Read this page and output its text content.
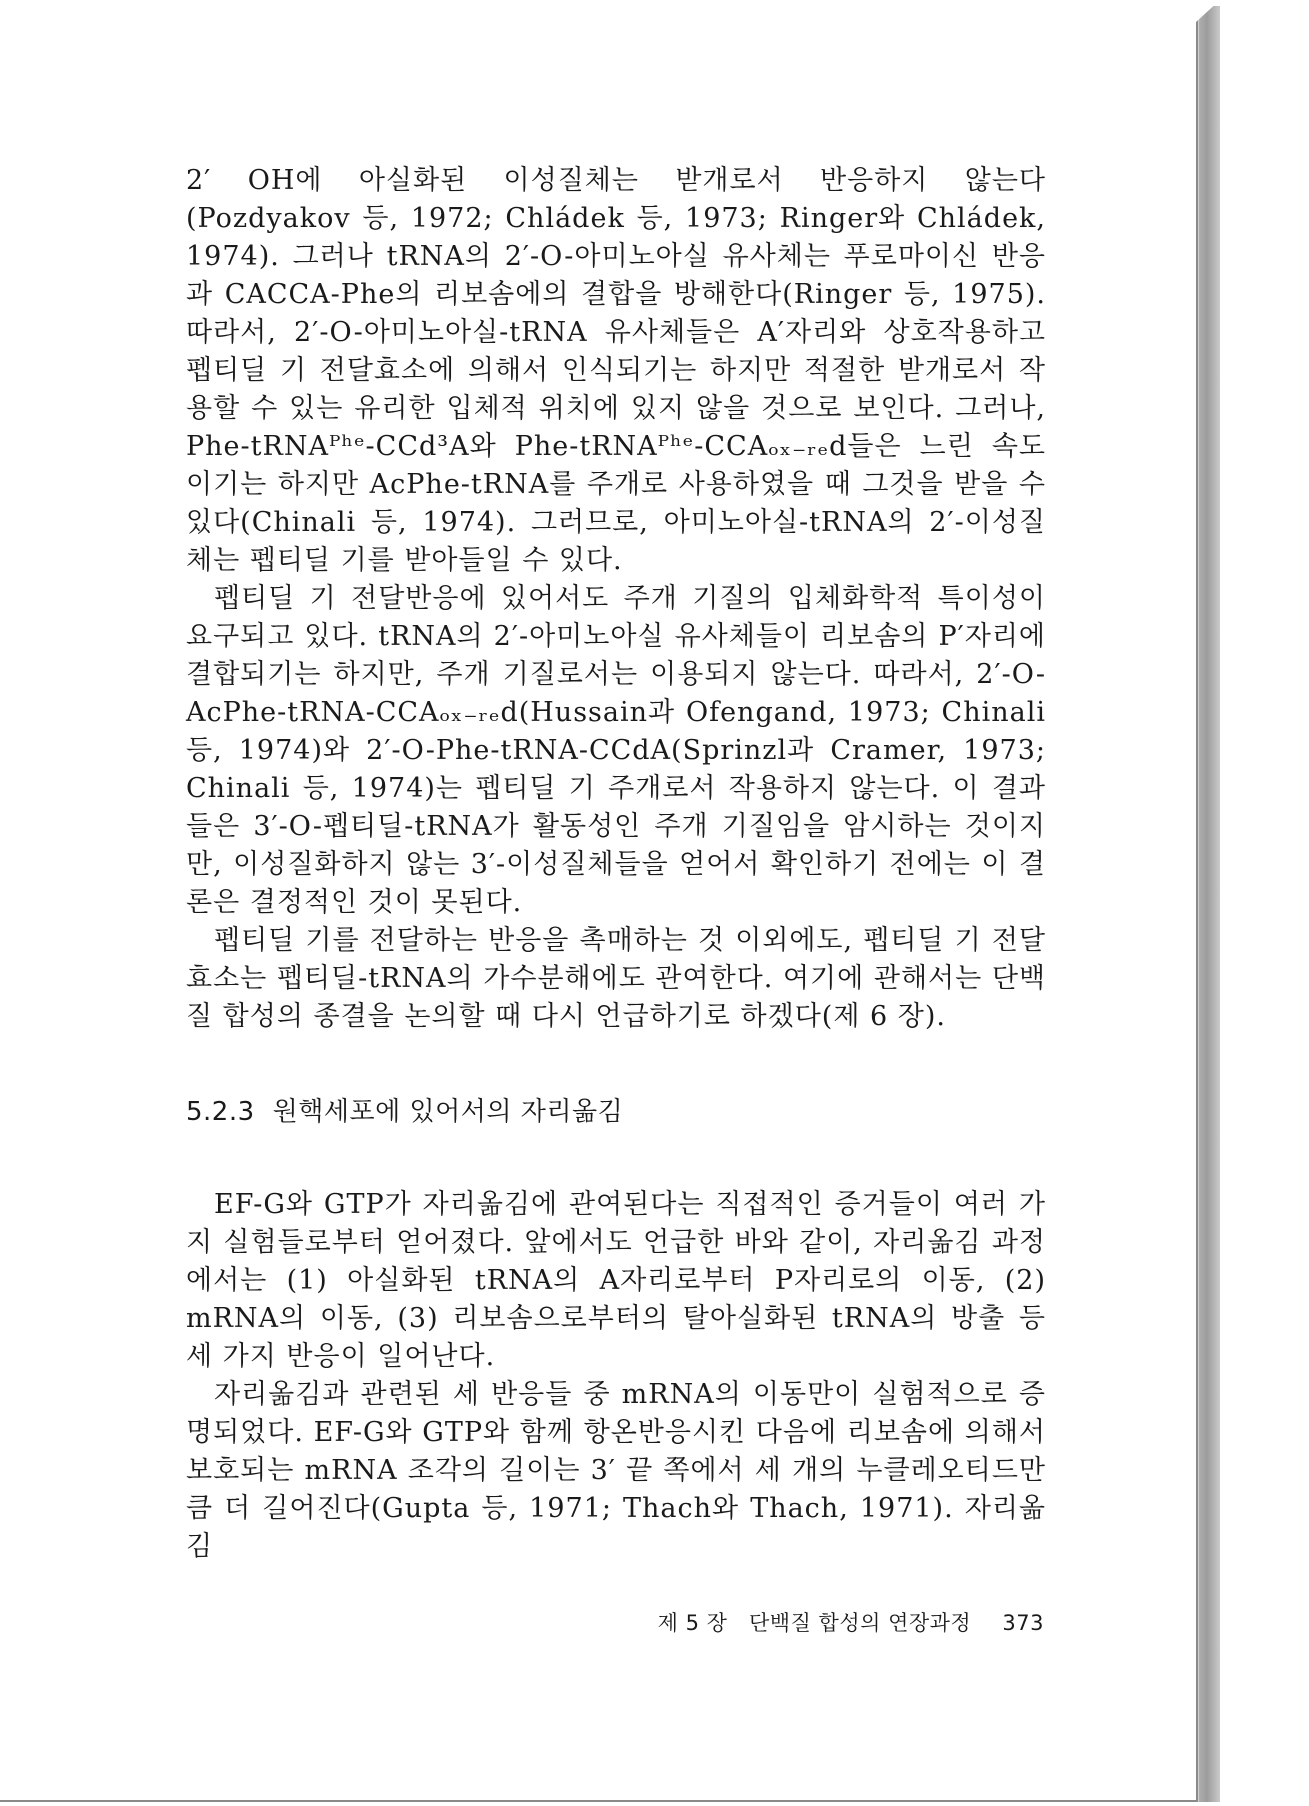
2′ OH에 아실화된 이성질체는 받개로서 반응하지 않는다(Pozdyakov 등, 1972; Chládek 등, 1973; Ringer와 Chládek, 1974). 그러나 tRNA의 2′-O-아미노아실 유사체는 푸로마이신 반응과 CACCA-Phe의 리보솜에의 결합을 방해한다(Ringer 등, 1975). 따라서, 2′-O-아미노아실-tRNA 유사체들은 A′자리와 상호작용하고 펩티딜 기 전달효소에 의해서 인식되기는 하지만 적절한 받개로서 작용할 수 있는 유리한 입체적 위치에 있지 않을 것으로 보인다. 그러나, Phe-tRNAᴾʰᵉ-CCd³A와 Phe-tRNAᴾʰᵉ-CCAₒₓ₋ᵣₑd들은 느린 속도이기는 하지만 AcPhe-tRNA를 주개로 사용하였을 때 그것을 받을 수 있다(Chinali 등, 1974). 그러므로, 아미노아실-tRNA의 2′-이성질체는 펩티딜 기를 받아들일 수 있다.

펩티딜 기 전달반응에 있어서도 주개 기질의 입체화학적 특이성이 요구되고 있다. tRNA의 2′-아미노아실 유사체들이 리보솜의 P′자리에 결합되기는 하지만, 주개 기질로서는 이용되지 않는다. 따라서, 2′-O-AcPhe-tRNA-CCAₒₓ₋ᵣₑd(Hussain과 Ofengand, 1973; Chinali 등, 1974)와 2′-O-Phe-tRNA-CCdA(Sprinzl과 Cramer, 1973; Chinali 등, 1974)는 펩티딜 기 주개로서 작용하지 않는다. 이 결과들은 3′-O-펩티딜-tRNA가 활동성인 주개 기질임을 암시하는 것이지만, 이성질화하지 않는 3′-이성질체들을 얻어서 확인하기 전에는 이 결론은 결정적인 것이 못된다.

펩티딜 기를 전달하는 반응을 촉매하는 것 이외에도, 펩티딜 기 전달효소는 펩티딜-tRNA의 가수분해에도 관여한다. 여기에 관해서는 단백질 합성의 종결을 논의할 때 다시 언급하기로 하겠다(제 6 장).

5.2.3 원핵세포에 있어서의 자리옮김

EF-G와 GTP가 자리옮김에 관여된다는 직접적인 증거들이 여러 가지 실험들로부터 얻어졌다. 앞에서도 언급한 바와 같이, 자리옮김 과정에서는 (1) 아실화된 tRNA의 A자리로부터 P자리로의 이동, (2) mRNA의 이동, (3) 리보솜으로부터의 탈아실화된 tRNA의 방출 등 세 가지 반응이 일어난다.

자리옮김과 관련된 세 반응들 중 mRNA의 이동만이 실험적으로 증명되었다. EF-G와 GTP와 함께 항온반응시킨 다음에 리보솜에 의해서 보호되는 mRNA 조각의 길이는 3′ 끝 쪽에서 세 개의 누클레오티드만큼 더 길어진다(Gupta 등, 1971; Thach와 Thach, 1971). 자리옮김

제 5 장 단백질 합성의 연장과정 373
